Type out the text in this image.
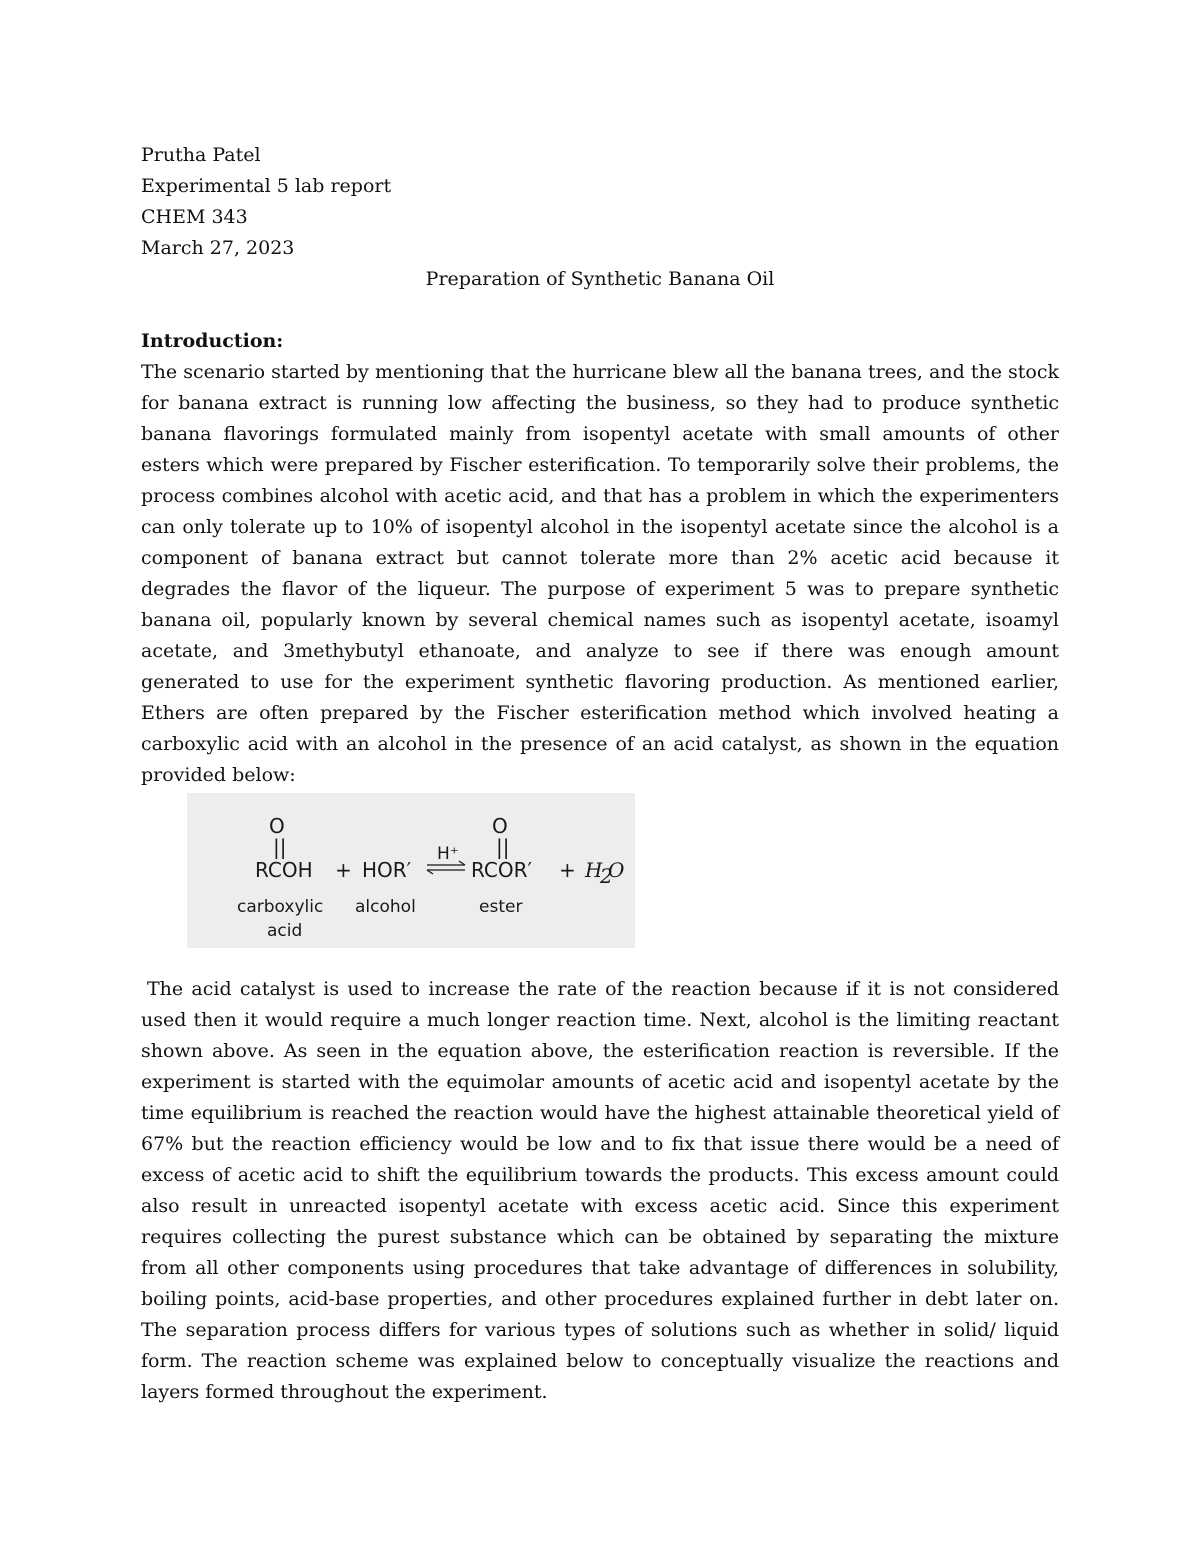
Prutha Patel

Experimental 5 lab report

CHEM 343

March 27, 2023

Preparation of Synthetic Banana Oil

Introduction:

The scenario started by mentioning that the hurricane blew all the banana trees, and the stock for banana extract is running low affecting the business, so they had to produce synthetic banana flavorings formulated mainly from isopentyl acetate with small amounts of other esters which were prepared by Fischer esterification. To temporarily solve their problems, the process combines alcohol with acetic acid, and that has a problem in which the experimenters can only tolerate up to 10% of isopentyl alcohol in the isopentyl acetate since the alcohol is a component of banana extract but cannot tolerate more than 2% acetic acid because it degrades the flavor of the liqueur. The purpose of experiment 5 was to prepare synthetic banana oil, popularly known by several chemical names such as isopentyl acetate, isoamyl acetate, and 3methybutyl ethanoate, and analyze to see if there was enough amount generated to use for the experiment synthetic flavoring production. As mentioned earlier, Ethers are often prepared by the Fischer esterification method which involved heating a carboxylic acid with an alcohol in the presence of an acid catalyst, as shown in the equation provided below:

O
||
O
||
RCOH + HOR′
H⁺
RCOR′ + H
2
O
carboxylic
acid
alcohol	ester

The acid catalyst is used to increase the rate of the reaction because if it is not considered used then it would require a much longer reaction time. Next, alcohol is the limiting reactant shown above. As seen in the equation above, the esterification reaction is reversible. If the experiment is started with the equimolar amounts of acetic acid and isopentyl acetate by the time equilibrium is reached the reaction would have the highest attainable theoretical yield of 67% but the reaction efficiency would be low and to fix that issue there would be a need of excess of acetic acid to shift the equilibrium towards the products. This excess amount could also result in unreacted isopentyl acetate with excess acetic acid. Since this experiment requires collecting the purest substance which can be obtained by separating the mixture from all other components using procedures that take advantage of differences in solubility, boiling points, acid-base properties, and other procedures explained further in debt later on. The separation process differs for various types of solutions such as whether in solid/ liquid form. The reaction scheme was explained below to conceptually visualize the reactions and layers formed throughout the experiment.
